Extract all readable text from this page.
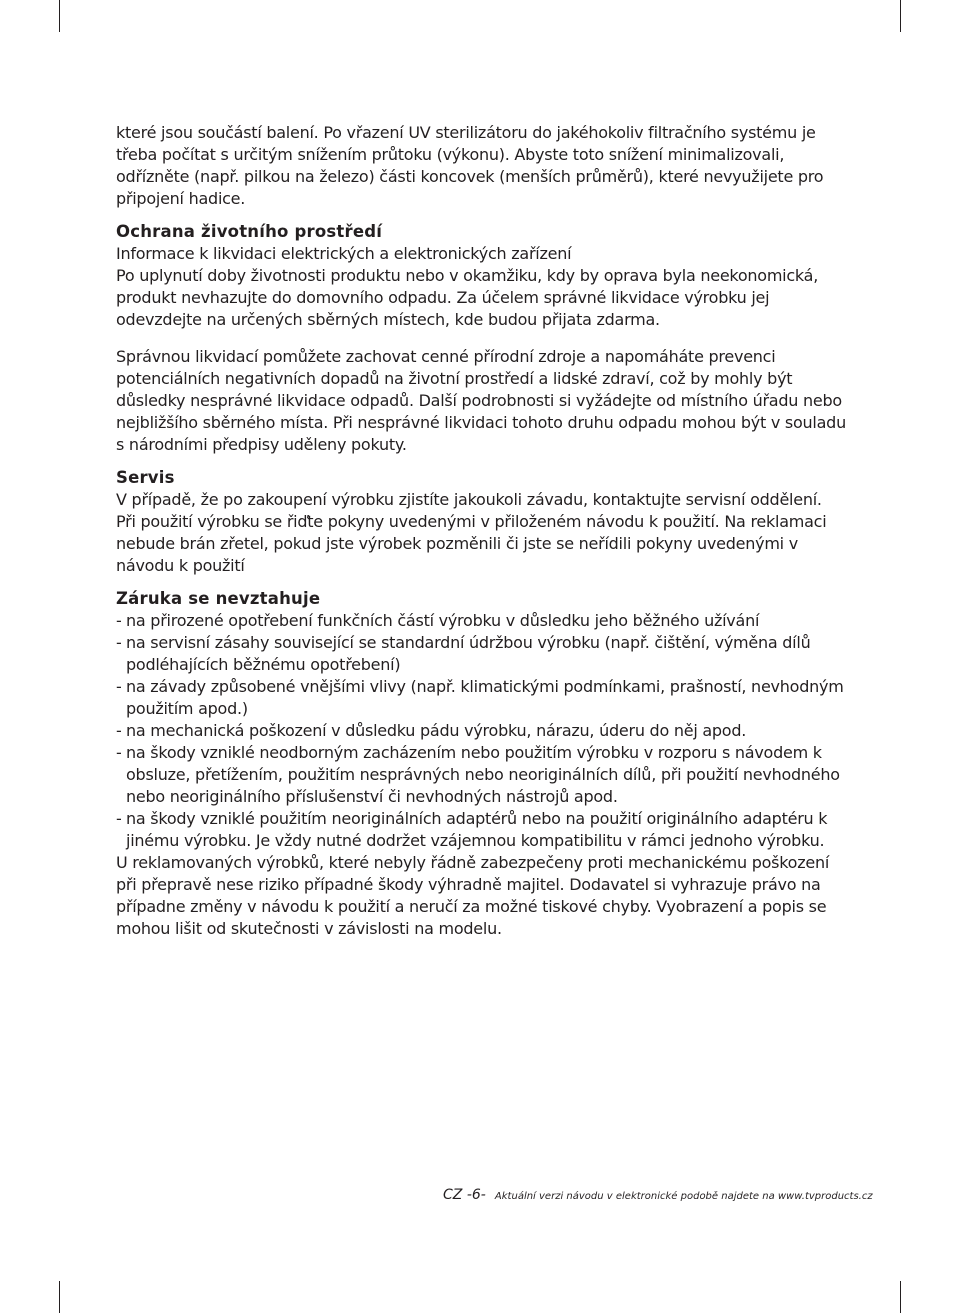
které jsou součástí balení. Po vřazení UV sterilizátoru do jakéhokoliv filtračního systému je třeba počítat s určitým snížením průtoku (výkonu). Abyste toto snížení minimalizovali, odřízněte (např. pilkou na železo) části koncovek (menších průměrů), které nevyužijete pro připojení hadice.

Ochrana životního prostředí

Informace k likvidaci elektrických a elektronických zařízení

Po uplynutí doby životnosti produktu nebo v okamžiku, kdy by oprava byla neekonomická, produkt nevhazujte do domovního odpadu. Za účelem správné likvidace výrobku jej odevzdejte na určených sběrných místech, kde budou přijata zdarma.

Správnou likvidací pomůžete zachovat cenné přírodní zdroje a napomáháte prevenci potenciálních negativních dopadů na životní prostředí a lidské zdraví, což by mohly být důsledky nesprávné likvidace odpadů. Další podrobnosti si vyžádejte od místního úřadu nebo nejbližšího sběrného místa. Při nesprávné likvidaci tohoto druhu odpadu mohou být v souladu s národními předpisy uděleny pokuty.

Servis

V případě, že po zakoupení výrobku zjistíte jakoukoli závadu, kontaktujte servisní oddělení. Při použití výrobku se řiďte pokyny uvedenými v přiloženém návodu k použití. Na reklamaci nebude brán zřetel, pokud jste výrobek pozměnili či jste se neřídili pokyny uvedenými v návodu k použití

Záruka se nevztahuje

- na přirozené opotřebení funkčních částí výrobku v důsledku jeho běžného užívání
- na servisní zásahy související se standardní údržbou výrobku (např. čištění, výměna dílů podléhajících běžnému opotřebení)
- na závady způsobené vnějšími vlivy (např. klimatickými podmínkami, prašností, nevhodným použitím apod.)
- na mechanická poškození v důsledku pádu výrobku, nárazu, úderu do něj apod.
- na škody vzniklé neodborným zacházením nebo použitím výrobku v rozporu s návodem k obsluze, přetížením, použitím nesprávných nebo neoriginálních dílů, při použití nevhodného nebo neoriginálního příslušenství či nevhodných nástrojů apod.
- na škody vzniklé použitím neoriginálních adaptérů nebo na použití originálního adaptéru k jinému výrobku. Je vždy nutné dodržet vzájemnou kompatibilitu v rámci jednoho výrobku.

U reklamovaných výrobků, které nebyly řádně zabezpečeny proti mechanickému poškození při přepravě nese riziko případné škody výhradně majitel. Dodavatel si vyhrazuje právo na případne změny v návodu k použití a neručí za možné tiskové chyby. Vyobrazení a popis se mohou lišit od skutečnosti v závislosti na modelu.

CZ -6- Aktuální verzi návodu v elektronické podobě najdete na www.tvproducts.cz
